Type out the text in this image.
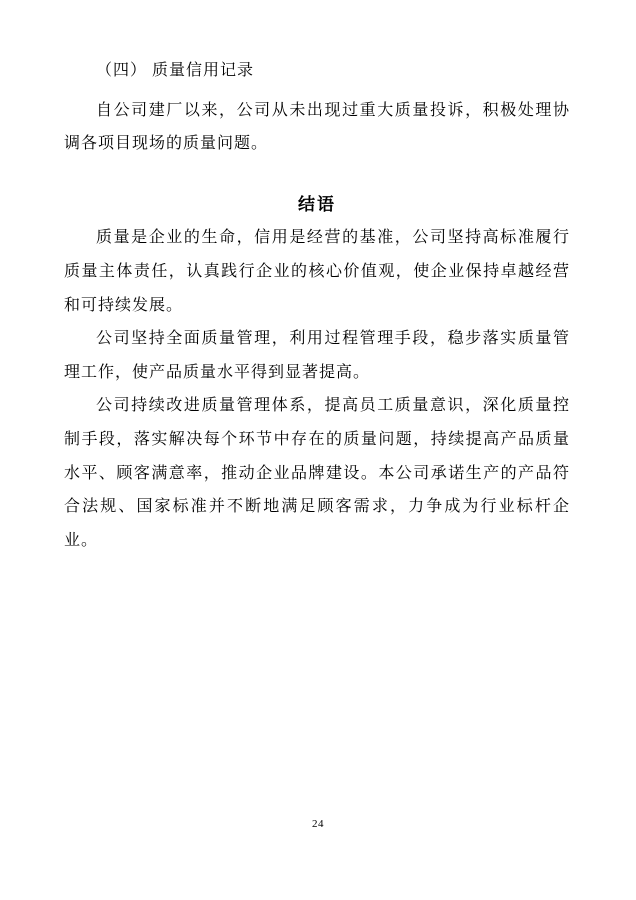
（四） 质量信用记录

自公司建厂以来，公司从未出现过重大质量投诉，积极处理协调各项目现场的质量问题。

结语

质量是企业的生命，信用是经营的基准，公司坚持高标准履行质量主体责任，认真践行企业的核心价值观，使企业保持卓越经营和可持续发展。

公司坚持全面质量管理，利用过程管理手段，稳步落实质量管理工作，使产品质量水平得到显著提高。

公司持续改进质量管理体系，提高员工质量意识，深化质量控制手段，落实解决每个环节中存在的质量问题，持续提高产品质量水平、顾客满意率，推动企业品牌建设。本公司承诺生产的产品符合法规、国家标准并不断地满足顾客需求，力争成为行业标杆企业。

24
